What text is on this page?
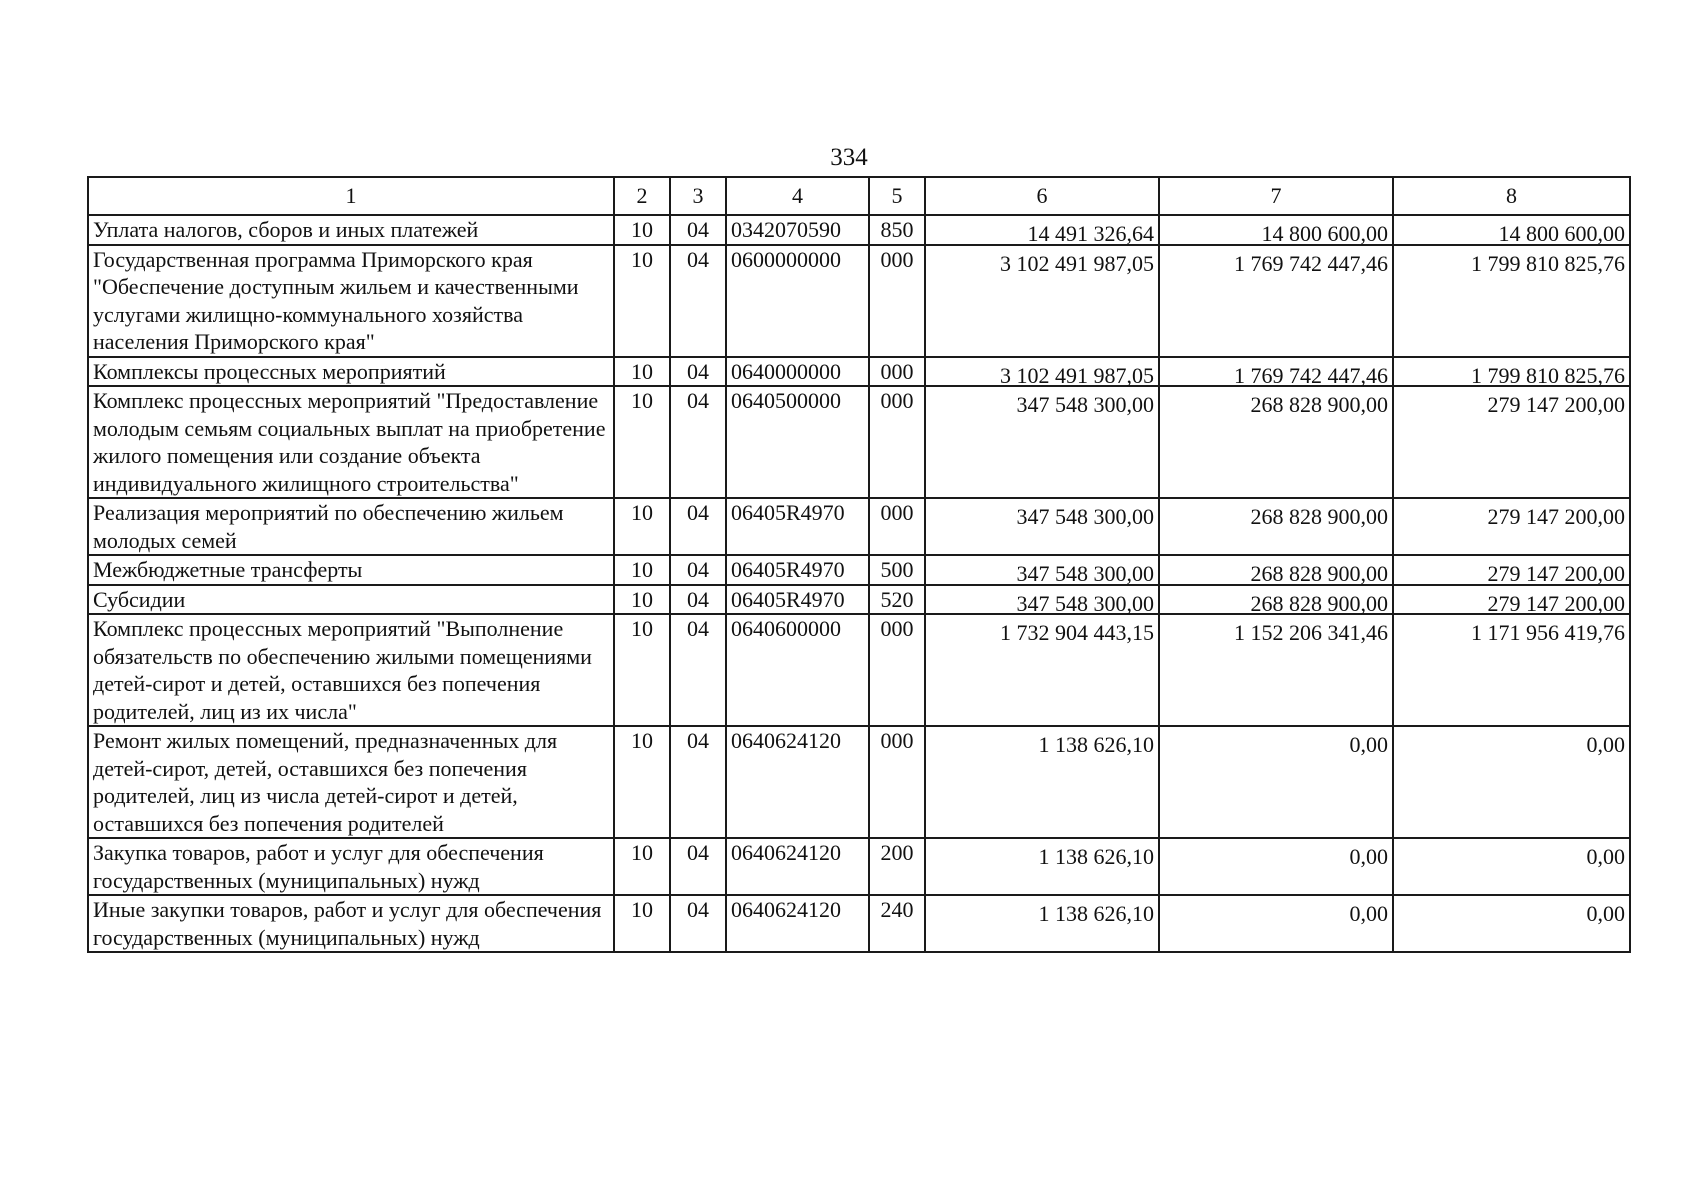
334
1	2	3	4	5	6	7	8
Уплата налогов, сборов и иных платежей	10	04	0342070590	850	14 491 326,64	14 800 600,00	14 800 600,00
Государственная программа Приморского края "Обеспечение доступным жильем и качественными услугами жилищно-коммунального хозяйства населения Приморского края"	10	04	0600000000	000	3 102 491 987,05	1 769 742 447,46	1 799 810 825,76
Комплексы процессных мероприятий	10	04	0640000000	000	3 102 491 987,05	1 769 742 447,46	1 799 810 825,76
Комплекс процессных мероприятий "Предоставление молодым семьям социальных выплат на приобретение жилого помещения или создание объекта индивидуального жилищного строительства"	10	04	0640500000	000	347 548 300,00	268 828 900,00	279 147 200,00
Реализация мероприятий по обеспечению жильем молодых семей	10	04	06405R4970	000	347 548 300,00	268 828 900,00	279 147 200,00
Межбюджетные трансферты	10	04	06405R4970	500	347 548 300,00	268 828 900,00	279 147 200,00
Субсидии	10	04	06405R4970	520	347 548 300,00	268 828 900,00	279 147 200,00
Комплекс процессных мероприятий "Выполнение обязательств по обеспечению жилыми помещениями детей-сирот и детей, оставшихся без попечения родителей, лиц из их числа"	10	04	0640600000	000	1 732 904 443,15	1 152 206 341,46	1 171 956 419,76
Ремонт жилых помещений, предназначенных для детей-сирот, детей, оставшихся без попечения родителей, лиц из числа детей-сирот и детей, оставшихся без попечения родителей	10	04	0640624120	000	1 138 626,10	0,00	0,00
Закупка товаров, работ и услуг для обеспечения государственных (муниципальных) нужд	10	04	0640624120	200	1 138 626,10	0,00	0,00
Иные закупки товаров, работ и услуг для обеспечения государственных (муниципальных) нужд	10	04	0640624120	240	1 138 626,10	0,00	0,00
